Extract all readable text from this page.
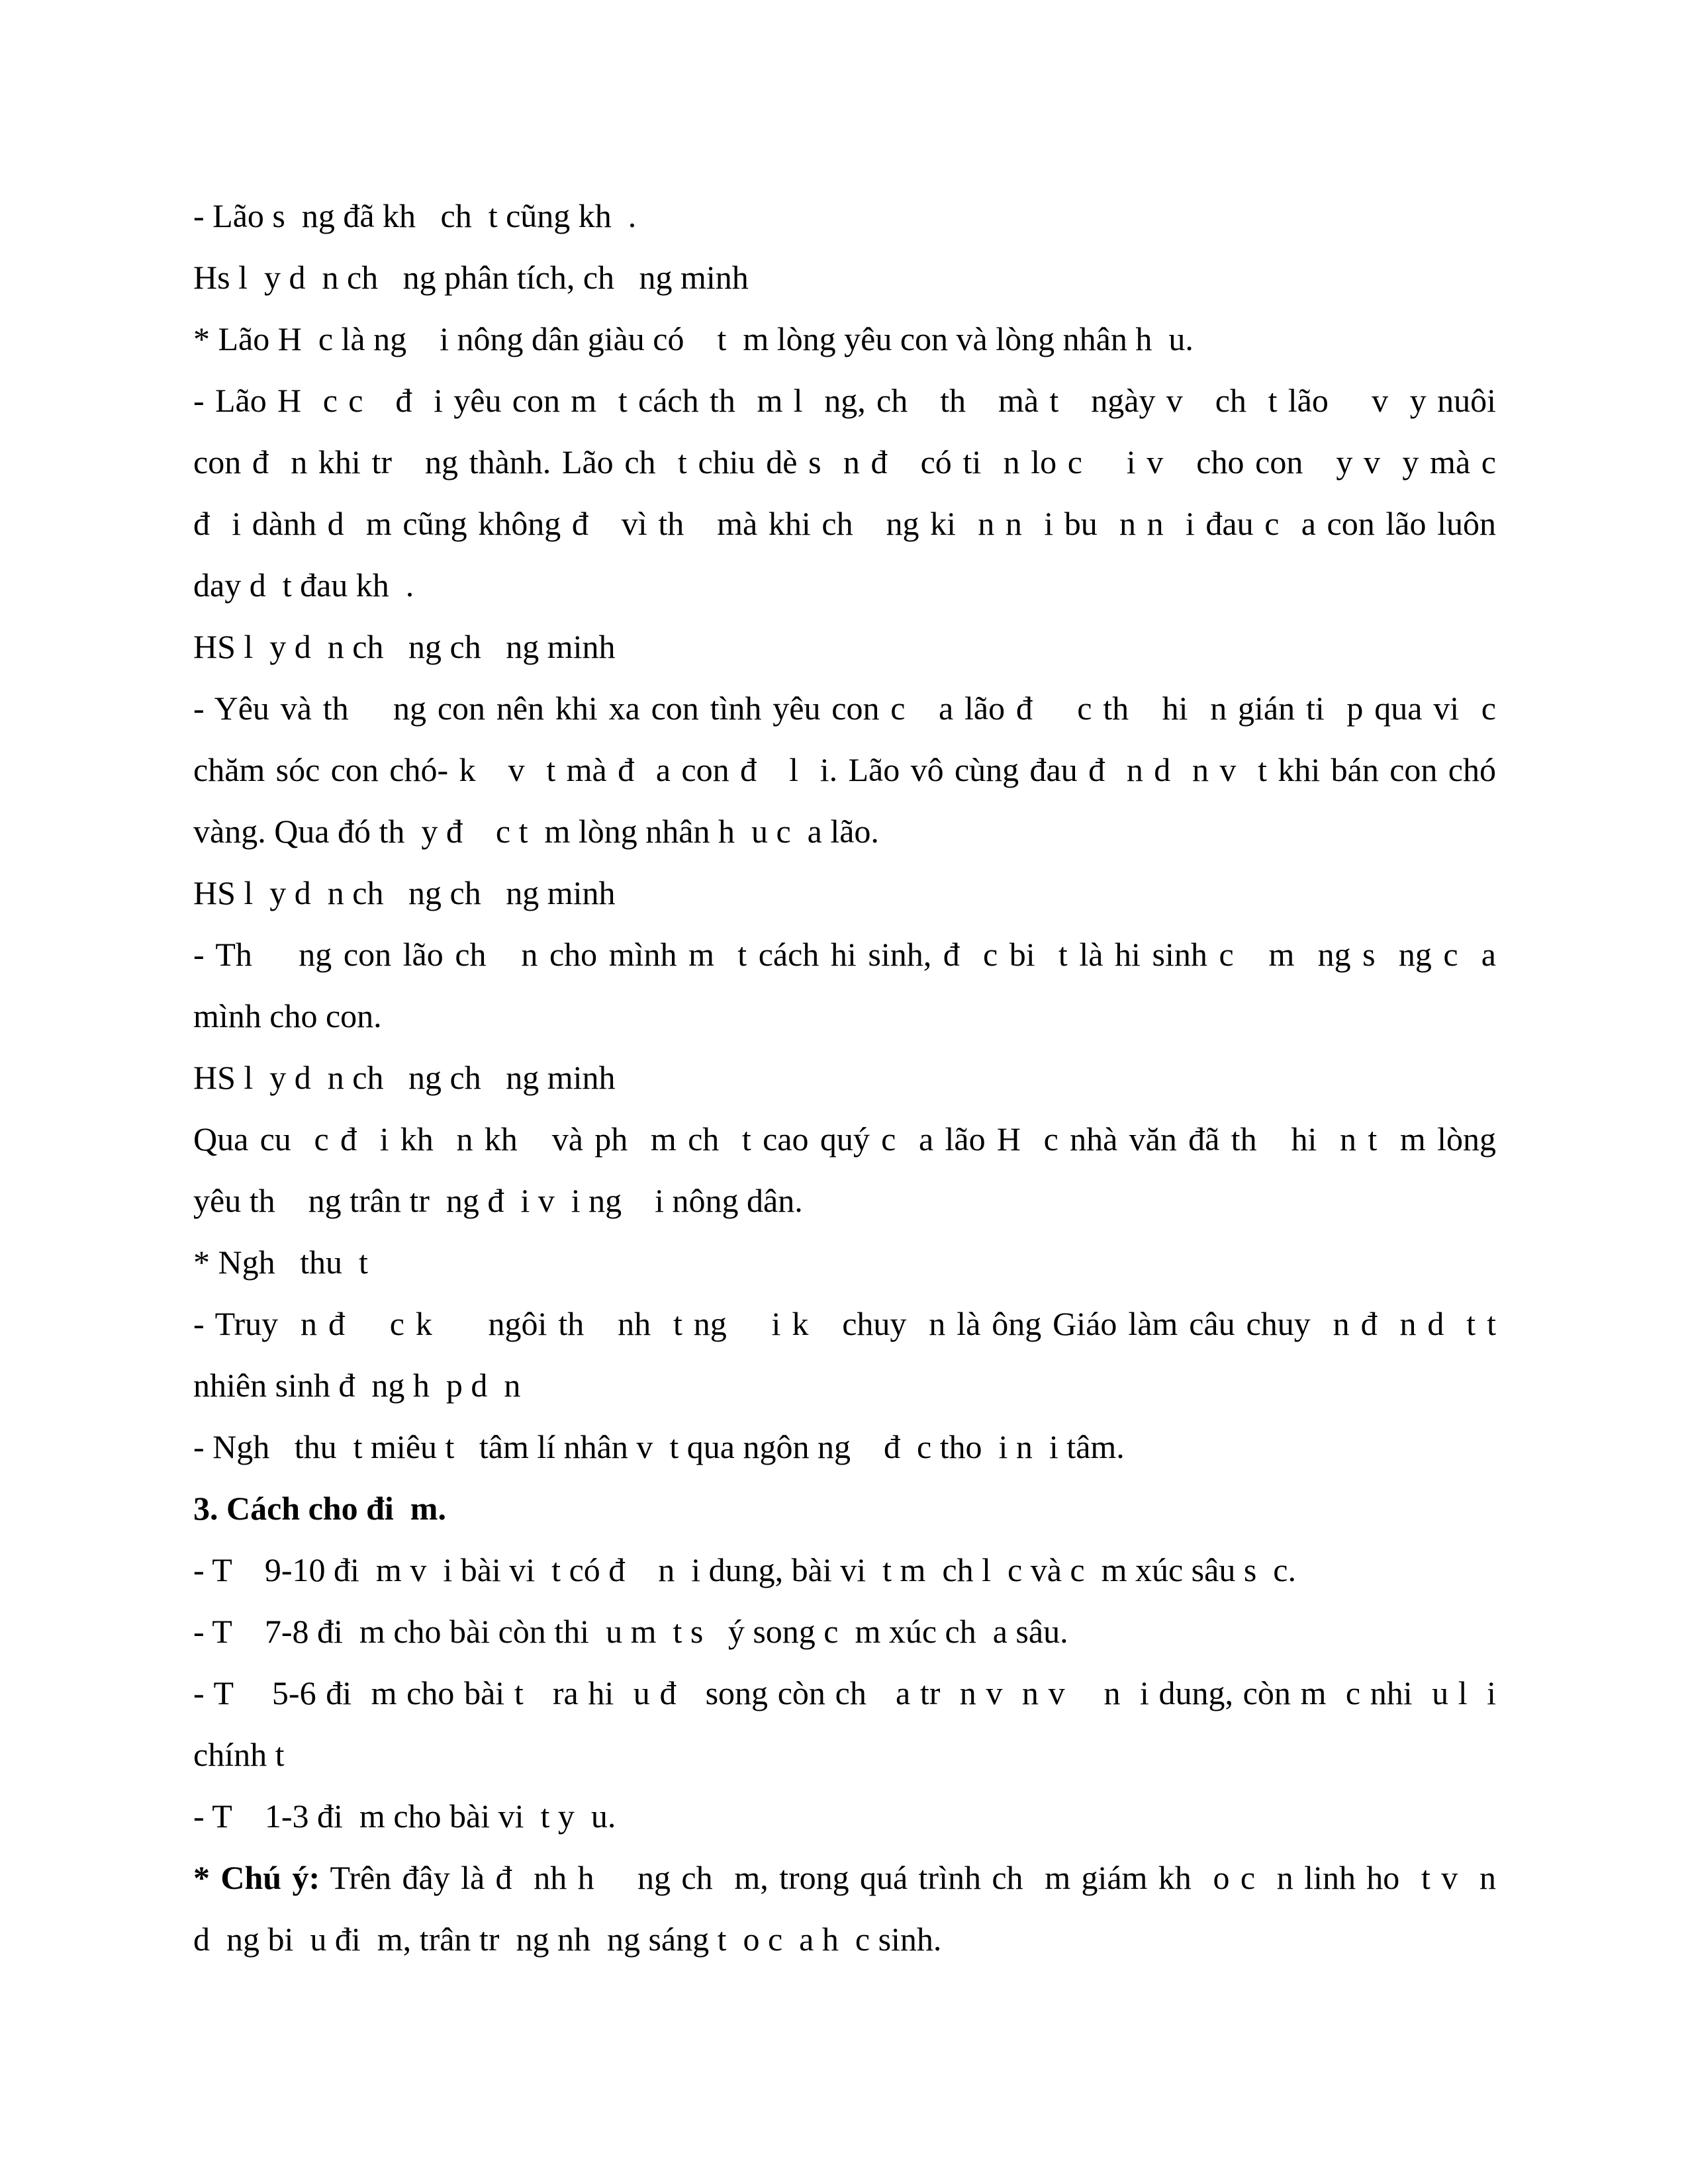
- Lão s  ng đã kh   ch  t cũng kh  .
Hs l  y d  n ch   ng phân tích, ch   ng minh
* Lão H  c là ng    i nông dân giàu có    t  m lòng yêu con và lòng nhân h  u.
- Lão H  c c   đ  i yêu con m  t cách th  m l  ng, ch   th   mà t   ngày v   ch  t lão    v  y nuôi
con đ  n khi tr   ng thành. Lão ch  t chiu dè s  n đ   có ti  n lo c    i v   cho con   y v  y mà c
đ  i dành d  m cũng không đ   vì th   mà khi ch   ng ki  n n  i bu  n n  i đau c  a con lão luôn
day d  t đau kh  .
HS l  y d  n ch   ng ch   ng minh
- Yêu và th    ng con nên khi xa con tình yêu con c   a lão đ    c th   hi  n gián ti  p qua vi  c
chăm sóc con chó- k   v  t mà đ  a con đ   l  i. Lão vô cùng đau đ  n d  n v  t khi bán con chó
vàng. Qua đó th  y đ    c t  m lòng nhân h  u c  a lão.
HS l  y d  n ch   ng ch   ng minh
- Th    ng con lão ch   n cho mình m  t cách hi sinh, đ  c bi  t là hi sinh c   m  ng s  ng c  a
mình cho con.
HS l  y d  n ch   ng ch   ng minh
Qua cu  c đ  i kh  n kh   và ph  m ch  t cao quý c  a lão H  c nhà văn đã th   hi  n t  m lòng
yêu th    ng trân tr  ng đ  i v  i ng    i nông dân.
* Ngh   thu  t
- Truy  n đ    c k     ngôi th   nh  t ng    i k   chuy  n là ông Giáo làm câu chuy  n đ  n d  t t
nhiên sinh đ  ng h  p d  n
- Ngh   thu  t miêu t   tâm lí nhân v  t qua ngôn ng    đ  c tho  i n  i tâm.
3. Cách cho đi  m.
- T    9-10 đi  m v  i bài vi  t có đ    n  i dung, bài vi  t m  ch l  c và c  m xúc sâu s  c.
- T    7-8 đi  m cho bài còn thi  u m  t s   ý song c  m xúc ch  a sâu.
- T    5-6 đi  m cho bài t   ra hi  u đ   song còn ch   a tr  n v  n v    n  i dung, còn m  c nhi  u l  i
chính t
- T    1-3 đi  m cho bài vi  t y  u.
* Chú ý: Trên đây là đ  nh h    ng ch  m, trong quá trình ch  m giám kh  o c  n linh ho  t v  n
d  ng bi  u đi  m, trân tr  ng nh  ng sáng t  o c  a h  c sinh.
